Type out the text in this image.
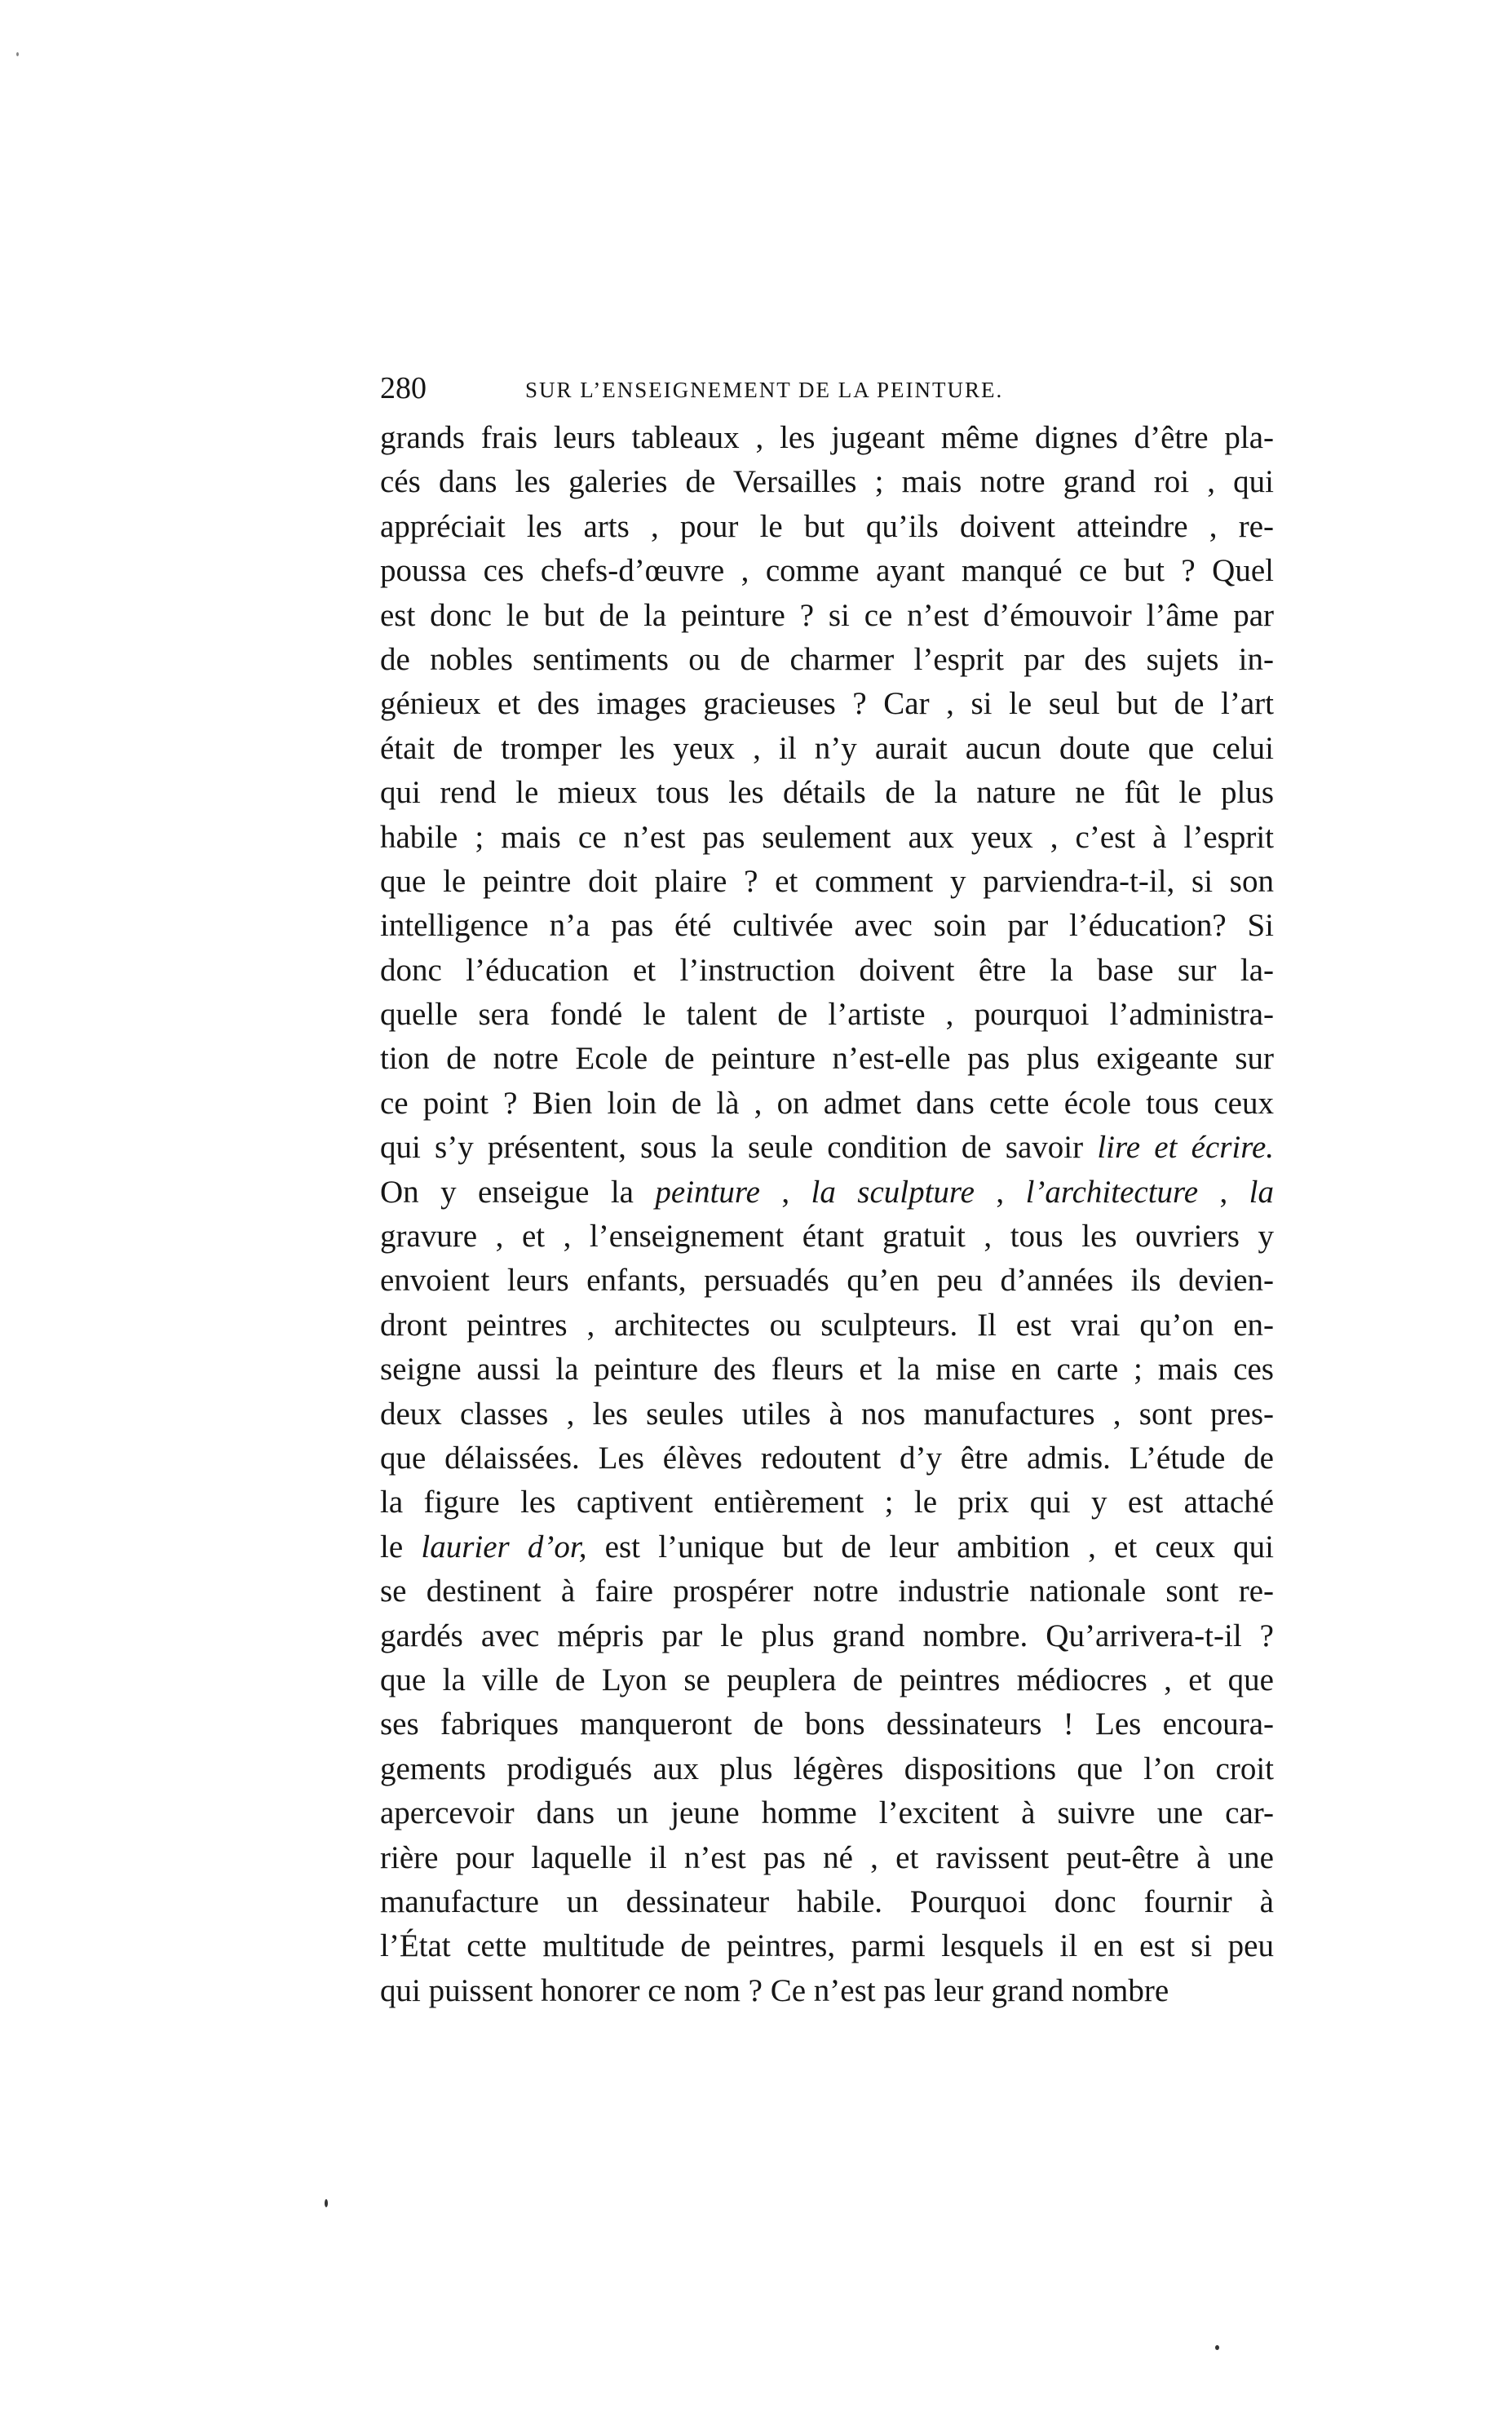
280	SUR L’ENSEIGNEMENT DE LA PEINTURE.
grands frais leurs tableaux , les jugeant même dignes d’être pla-
cés dans les galeries de Versailles ; mais notre grand roi , qui
appréciait les arts , pour le but qu’ils doivent atteindre , re-
poussa ces chefs-d’œuvre , comme ayant manqué ce but ? Quel
est donc le but de la peinture ? si ce n’est d’émouvoir l’âme par
de nobles sentiments ou de charmer l’esprit par des sujets in-
génieux et des images gracieuses ? Car , si le seul but de l’art
était de tromper les yeux , il n’y aurait aucun doute que celui
qui rend le mieux tous les détails de la nature ne fût le plus
habile ; mais ce n’est pas seulement aux yeux , c’est à l’esprit
que le peintre doit plaire ? et comment y parviendra-t-il, si son
intelligence n’a pas été cultivée avec soin par l’éducation? Si
donc l’éducation et l’instruction doivent être la base sur la-
quelle sera fondé le talent de l’artiste , pourquoi l’administra-
tion de notre Ecole de peinture n’est-elle pas plus exigeante sur
ce point ? Bien loin de là , on admet dans cette école tous ceux
qui s’y présentent, sous la seule condition de savoir lire et écrire.
On y enseigue la peinture , la sculpture , l’architecture , la
gravure , et , l’enseignement étant gratuit , tous les ouvriers y
envoient leurs enfants, persuadés qu’en peu d’années ils devien-
dront peintres , architectes ou sculpteurs. Il est vrai qu’on en-
seigne aussi la peinture des fleurs et la mise en carte ; mais ces
deux classes , les seules utiles à nos manufactures , sont pres-
que délaissées. Les élèves redoutent d’y être admis. L’étude de
la figure les captivent entièrement ; le prix qui y est attaché
le laurier d’or, est l’unique but de leur ambition , et ceux qui
se destinent à faire prospérer notre industrie nationale sont re-
gardés avec mépris par le plus grand nombre. Qu’arrivera-t-il ?
que la ville de Lyon se peuplera de peintres médiocres , et que
ses fabriques manqueront de bons dessinateurs ! Les encoura-
gements prodigués aux plus légères dispositions que l’on croit
apercevoir dans un jeune homme l’excitent à suivre une car-
rière pour laquelle il n’est pas né , et ravissent peut-être à une
manufacture un dessinateur habile. Pourquoi donc fournir à
l’État cette multitude de peintres, parmi lesquels il en est si peu
qui puissent honorer ce nom ? Ce n’est pas leur grand nombre
